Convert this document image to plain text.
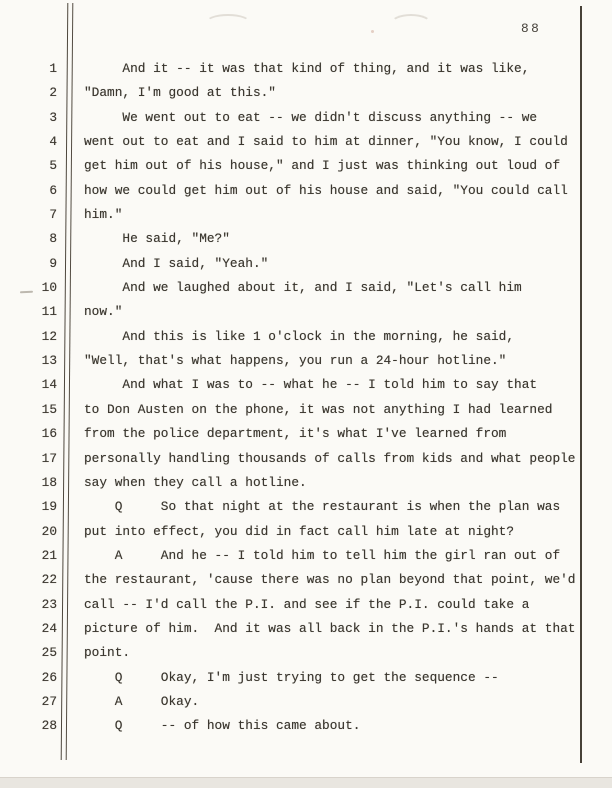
88
1
2
3
4
5
6
7
8
9
10
11
12
13
14
15
16
17
18
19
20
21
22
23
24
25
26
27
28
And it -- it was that kind of thing, and it was like,
"Damn, I'm good at this."
We went out to eat -- we didn't discuss anything -- we
went out to eat and I said to him at dinner, "You know, I could
get him out of his house," and I just was thinking out loud of
how we could get him out of his house and said, "You could call
him."
He said, "Me?"
And I said, "Yeah."
And we laughed about it, and I said, "Let's call him
now."
And this is like 1 o'clock in the morning, he said,
"Well, that's what happens, you run a 24-hour hotline."
And what I was to -- what he -- I told him to say that
to Don Austen on the phone, it was not anything I had learned
from the police department, it's what I've learned from
personally handling thousands of calls from kids and what people
say when they call a hotline.
Q     So that night at the restaurant is when the plan was
put into effect, you did in fact call him late at night?
A     And he -- I told him to tell him the girl ran out of
the restaurant, 'cause there was no plan beyond that point, we'd
call -- I'd call the P.I. and see if the P.I. could take a
picture of him.  And it was all back in the P.I.'s hands at that
point.
Q     Okay, I'm just trying to get the sequence --
A     Okay.
Q     -- of how this came about.
